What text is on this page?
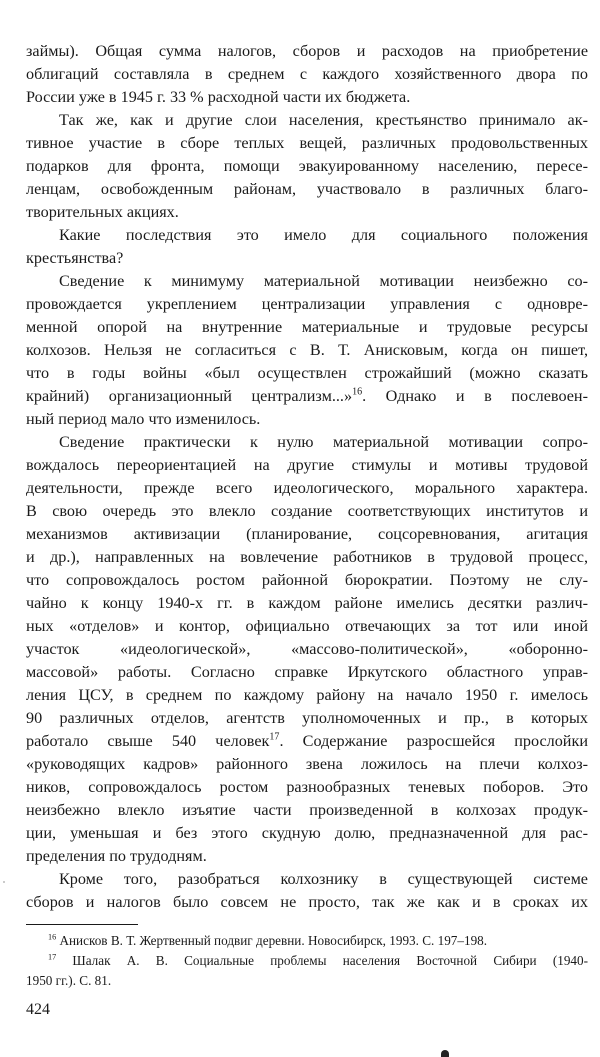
займы). Общая сумма налогов, сборов и расходов на приобретение
облигаций составляла в среднем с каждого хозяйственного двора по
России уже в 1945 г. 33 % расходной части их бюджета.
Так же, как и другие слои населения, крестьянство принимало ак-
тивное участие в сборе теплых вещей, различных продовольственных
подарков для фронта, помощи эвакуированному населению, пересе-
ленцам, освобожденным районам, участвовало в различных благо-
творительных акциях.
Какие последствия это имело для социального положения
крестьянства?
Сведение к минимуму материальной мотивации неизбежно со-
провождается укреплением централизации управления с одновре-
менной опорой на внутренние материальные и трудовые ресурсы
колхозов. Нельзя не согласиться с В. Т. Анисковым, когда он пишет,
что в годы войны «был осуществлен строжайший (можно сказать
крайний) организационный централизм...»$^{16}$. Однако и в послевоен-
ный период мало что изменилось.
Сведение практически к нулю материальной мотивации сопро-
вождалось переориентацией на другие стимулы и мотивы трудовой
деятельности, прежде всего идеологического, морального характера.
В свою очередь это влекло создание соответствующих институтов и
механизмов активизации (планирование, соцсоревнования, агитация
и др.), направленных на вовлечение работников в трудовой процесс,
что сопровождалось ростом районной бюрократии. Поэтому не слу-
чайно к концу 1940-х гг. в каждом районе имелись десятки различ-
ных «отделов» и контор, официально отвечающих за тот или иной
участок «идеологической», «массово-политической», «оборонно-
массовой» работы. Согласно справке Иркутского областного управ-
ления ЦСУ, в среднем по каждому району на начало 1950 г. имелось
90 различных отделов, агентств уполномоченных и пр., в которых
работало свыше 540 человек$^{17}$. Содержание разросшейся прослойки
«руководящих кадров» районного звена ложилось на плечи колхоз-
ников, сопровождалось ростом разнообразных теневых поборов. Это
неизбежно влекло изъятие части произведенной в колхозах продук-
ции, уменьшая и без этого скудную долю, предназначенной для рас-
пределения по трудодням.
Кроме того, разобраться колхознику в существующей системе
сборов и налогов было совсем не просто, так же как и в сроках их
$^{16}$ Анисков В. Т. Жертвенный подвиг деревни. Новосибирск, 1993. С. 197–198.
$^{17}$ Шалак А. В. Социальные проблемы населения Восточной Сибири (1940-
1950 гг.). С. 81.
424
